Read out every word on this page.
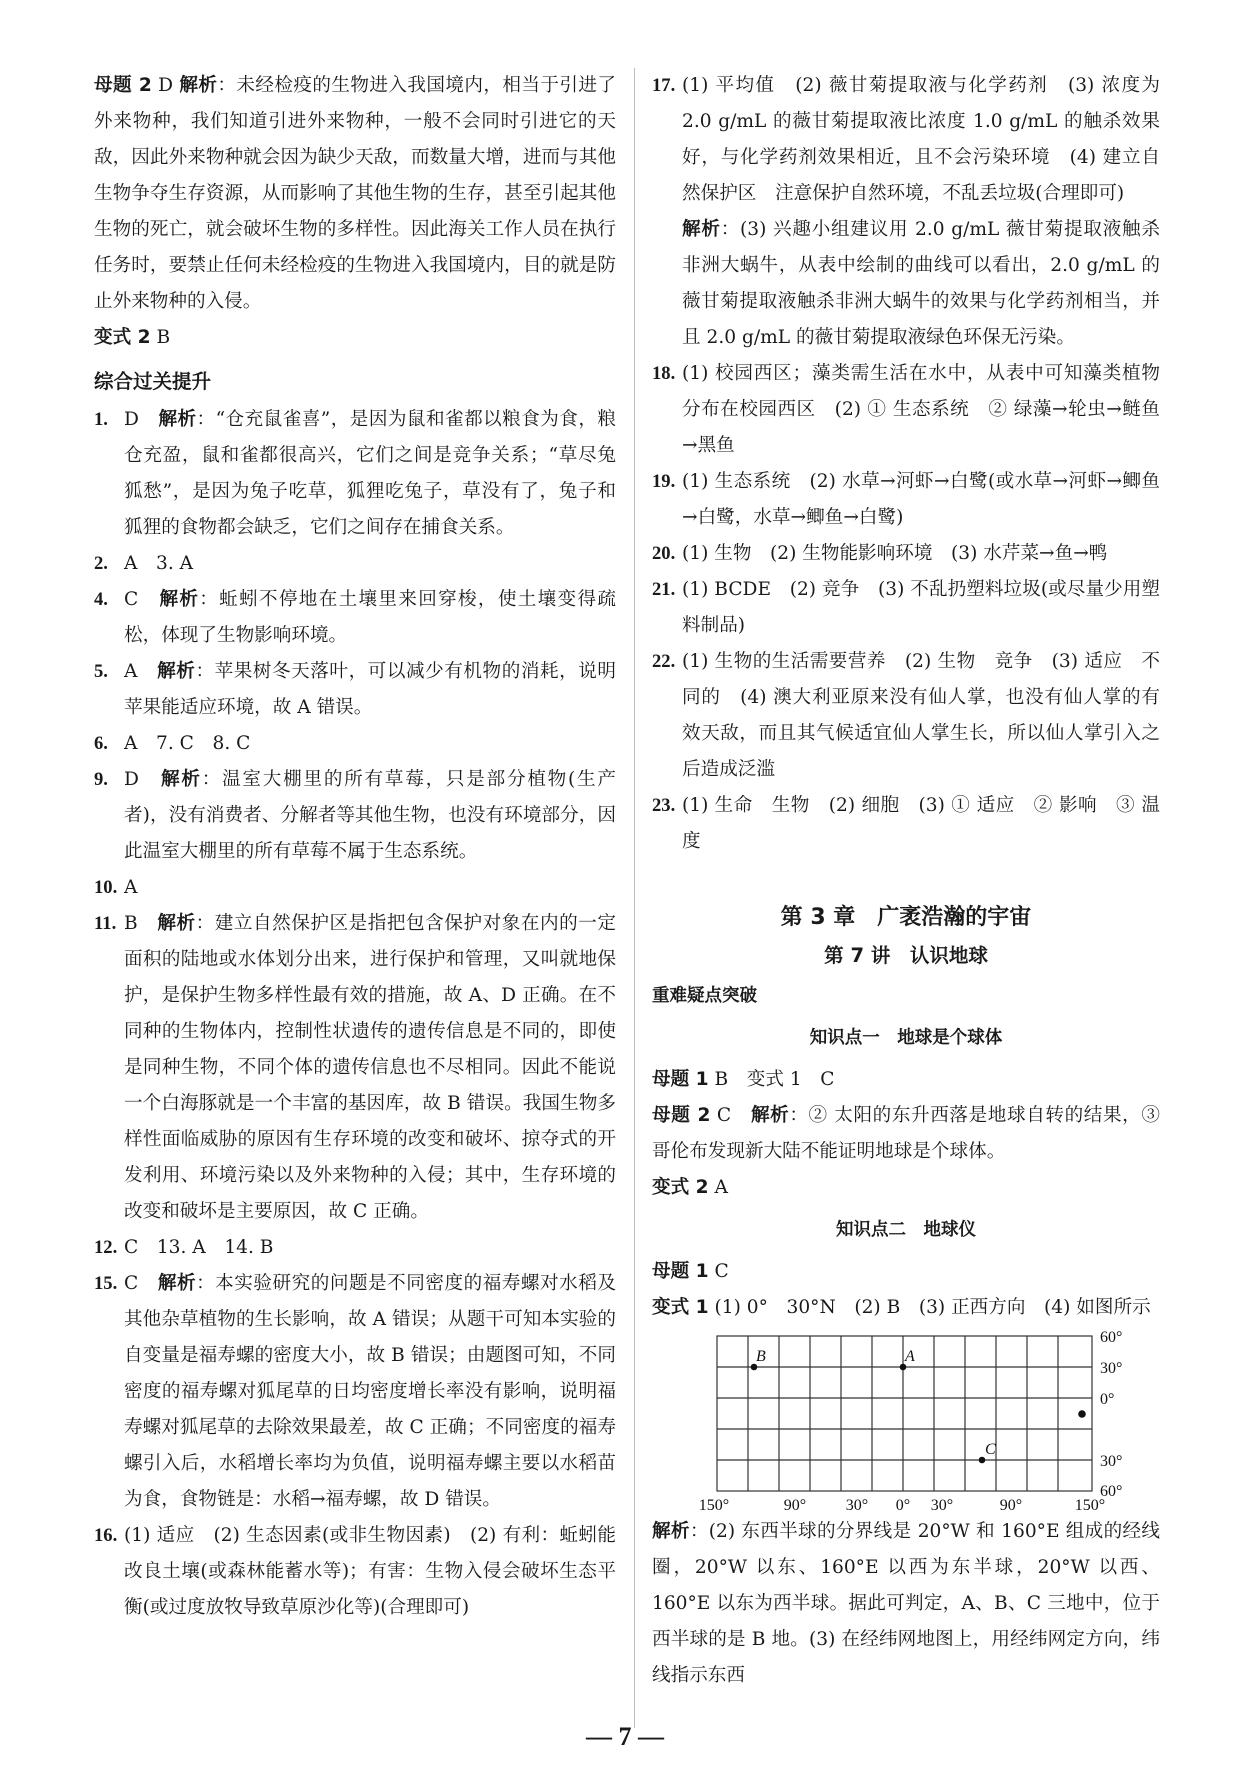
母题 2 D 解析：未经检疫的生物进入我国境内，相当于引进了外来物种，我们知道引进外来物种，一般不会同时引进它的天敌，因此外来物种就会因为缺少天敌，而数量大增，进而与其他生物争夺生存资源，从而影响了其他生物的生存，甚至引起其他生物的死亡，就会破坏生物的多样性。因此海关工作人员在执行任务时，要禁止任何未经检疫的生物进入我国境内，目的就是防止外来物种的入侵。
变式 2 B
综合过关提升
1. D　 解析：“仓充鼠雀喜”，是因为鼠和雀都以粮食为食，粮仓充盈，鼠和雀都很高兴，它们之间是竞争关系；“草尽兔狐愁”，是因为兔子吃草，狐狸吃兔子，草没有了，兔子和狐狸的食物都会缺乏，它们之间存在捕食关系。
2. A　3. A
4. C　 解析：蚯蚓不停地在土壤里来回穿梭，使土壤变得疏松，体现了生物影响环境。
5. A　 解析：苹果树冬天落叶，可以减少有机物的消耗，说明苹果能适应环境，故 A 错误。
6. A　7. C　8. C
9. D　 解析：温室大棚里的所有草莓，只是部分植物(生产者)，没有消费者、分解者等其他生物，也没有环境部分，因此温室大棚里的所有草莓不属于生态系统。
10. A
11. B　 解析：建立自然保护区是指把包含保护对象在内的一定面积的陆地或水体划分出来，进行保护和管理，又叫就地保护，是保护生物多样性最有效的措施，故 A、D 正确。在不同种的生物体内，控制性状遗传的遗传信息是不同的，即使是同种生物，不同个体的遗传信息也不尽相同。因此不能说一个白海豚就是一个丰富的基因库，故 B 错误。我国生物多样性面临威胁的原因有生存环境的改变和破坏、掠夺式的开发利用、环境污染以及外来物种的入侵；其中，生存环境的改变和破坏是主要原因，故 C 正确。
12. C　13. A　14. B
15. C　 解析：本实验研究的问题是不同密度的福寿螺对水稻及其他杂草植物的生长影响，故 A 错误；从题干可知本实验的自变量是福寿螺的密度大小，故 B 错误；由题图可知，不同密度的福寿螺对狐尾草的日均密度增长率没有影响，说明福寿螺对狐尾草的去除效果最差，故 C 正确；不同密度的福寿螺引入后，水稻增长率均为负值，说明福寿螺主要以水稻苗为食，食物链是：水稻→福寿螺，故 D 错误。
16. (1) 适应　(2) 生态因素(或非生物因素)　(2) 有利：蚯蚓能改良土壤(或森林能蓄水等)；有害：生物入侵会破坏生态平衡(或过度放牧导致草原沙化等)(合理即可)
17. (1) 平均值　(2) 薇甘菊提取液与化学药剂　(3) 浓度为 2.0 g/mL 的薇甘菊提取液比浓度 1.0 g/mL 的触杀效果好，与化学药剂效果相近，且不会污染环境　(4) 建立自然保护区　注意保护自然环境，不乱丢垃圾(合理即可)
解析：(3) 兴趣小组建议用 2.0 g/mL 薇甘菊提取液触杀非洲大蜗牛，从表中绘制的曲线可以看出，2.0 g/mL 的薇甘菊提取液触杀非洲大蜗牛的效果与化学药剂相当，并且 2.0 g/mL 的薇甘菊提取液绿色环保无污染。
18. (1) 校园西区；藻类需生活在水中，从表中可知藻类植物分布在校园西区　(2) ① 生态系统　② 绿藻→轮虫→鲢鱼→黑鱼
19. (1) 生态系统　(2) 水草→河虾→白鹭(或水草→河虾→鲫鱼→白鹭，水草→鲫鱼→白鹭)
20. (1) 生物　(2) 生物能影响环境　(3) 水芹菜→鱼→鸭
21. (1) BCDE　(2) 竞争　(3) 不乱扔塑料垃圾(或尽量少用塑料制品)
22. (1) 生物的生活需要营养　(2) 生物　竞争　(3) 适应　不同的　(4) 澳大利亚原来没有仙人掌，也没有仙人掌的有效天敌，而且其气候适宜仙人掌生长，所以仙人掌引入之后造成泛滥
23. (1) 生命　生物　(2) 细胞　(3) ① 适应　② 影响　③ 温度
第 3 章　广袤浩瀚的宇宙
第 7 讲　认识地球
重难疑点突破
知识点一　地球是个球体
母题 1 B　变式 1　C
母题 2 C　 解析：② 太阳的东升西落是地球自转的结果，③ 哥伦布发现新大陆不能证明地球是个球体。
变式 2 A
知识点二　地球仪
母题 1 C
变式 1 (1) 0°　30°N　(2) B　(3) 正西方向　(4) 如图所示
B	A
C
60°
30°
0°
30°
60°
150°	90° 30° 0° 30°	90°	150°
解析：(2) 东西半球的分界线是 20°W 和 160°E 组成的经线圈，20°W 以东、160°E 以西为东半球，20°W 以西、160°E 以东为西半球。据此可判定，A、B、C 三地中，位于西半球的是 B 地。(3) 在经纬网地图上，用经纬网定方向，纬线指示东西
— 7 —
